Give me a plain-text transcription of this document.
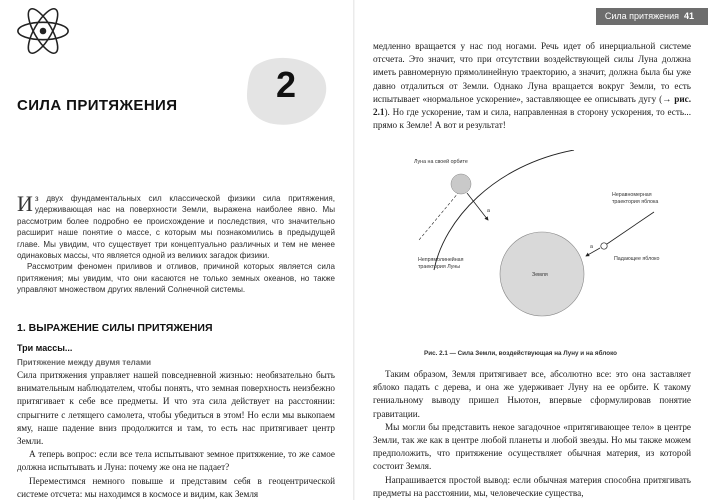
2
СИЛА ПРИТЯЖЕНИЯ

Из двух фундаментальных сил классической физики сила притяжения, удерживающая нас на поверхности Земли, выражена наиболее явно. Мы рассмотрим более подробно ее происхождение и последствия, что значительно расширит наше понятие о массе, с которым мы познакомились в предыдущей главе. Мы увидим, что существует три концептуально различных и тем не менее одинаковых массы, что является одной из великих загадок физики.

Рассмотрим феномен приливов и отливов, причиной которых является сила притяжения; мы увидим, что они касаются не только земных океанов, но также управляют множеством других явлений Солнечной системы.

1. ВЫРАЖЕНИЕ СИЛЫ ПРИТЯЖЕНИЯ
Три массы...
Притяжение между двумя телами

Сила притяжения управляет нашей повседневной жизнью: необязательно быть внимательным наблюдателем, чтобы понять, что земная поверхность неизбежно притягивает к себе все предметы. И что эта сила действует на расстоянии: спрыгните с летящего самолета, чтобы убедиться в этом! Но если мы выкопаем яму, наше падение вниз продолжится и там, то есть нас притягивает центр Земли.

А теперь вопрос: если все тела испытывают земное притяжение, то же самое должна испытывать и Луна: почему же она не падает?

Переместимся немного повыше и представим себя в геоцентрической системе отсчета: мы находимся в космосе и видим, как Земля

Сила притяжения 41

медленно вращается у нас под ногами. Речь идет об инерциальной системе отсчета. Это значит, что при отсутствии воздействующей силы Луна должна иметь равномерную прямолинейную траекторию, а значит, должна была бы уже давно отдалиться от Земли. Однако Луна вращается вокруг Земли, то есть испытывает «нормальное ускорение», заставляющее ее описывать дугу (→ рис. 2.1). Но где ускорение, там и сила, направленная в сторону ускорения, то есть... прямо к Земле! А вот и результат!

a
a
Луна на своей орбите
Неравномерная
траектория яблока
Непрямолинейная
траектория Луны
Земля
Падающее яблоко
Рис. 2.1 — Сила Земли, воздействующая на Луну и на яблоко

Таким образом, Земля притягивает все, абсолютно все: это она заставляет яблоко падать с дерева, и она же удерживает Луну на ее орбите. К такому гениальному выводу пришел Ньютон, впервые сформулировав понятие гравитации.

Мы могли бы представить некое загадочное «притягивающее тело» в центре Земли, так же как в центре любой планеты и любой звезды. Но мы также можем предположить, что притяжение осуществляет обычная материя, из которой состоит Земля.

Напрашивается простой вывод: если обычная материя способна притягивать предметы на расстоянии, мы, человеческие существа,
